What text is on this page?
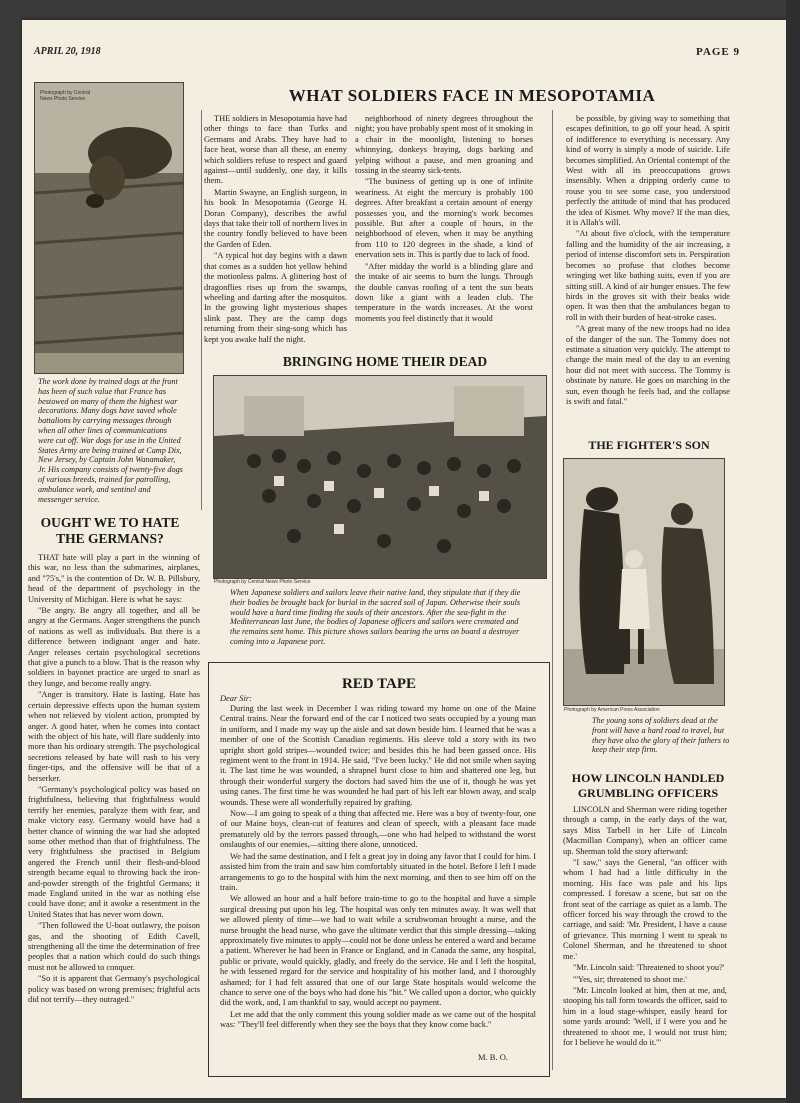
APRIL 20, 1918	PAGE 9
Photograph by Central News Photo Service
The work done by trained dogs at the front has been of such value that France has bestowed on many of them the highest war decorations. Many dogs have saved whole battalions by carrying messages through when all other lines of communications were cut off. War dogs for use in the United States Army are being trained at Camp Dix, New Jersey, by Captain John Wanamaker, Jr. His company consists of twenty-five dogs of various breeds, trained for patrolling, ambulance work, and sentinel and messenger service.
WHAT SOLDIERS FACE IN MESOPOTAMIA

THE soldiers in Mesopotamia have had other things to face than Turks and Germans and Arabs. They have had to face heat, worse than all these, an enemy which soldiers refuse to respect and guard against—until suddenly, one day, it kills them.

Martin Swayne, an English surgeon, in his book In Mesopotamia (George H. Doran Company), describes the awful days that take their toll of northern lives in the country fondly believed to have been the Garden of Eden.

"A typical hot day begins with a dawn that comes as a sudden hot yellow behind the motionless palms. A glittering host of dragonflies rises up from the swamps, wheeling and darting after the mosquitos. In the growing light mysterious shapes slink past. They are the camp dogs returning from their sing-song which has kept you awake half the night.

neighborhood of ninety degrees throughout the night; you have probably spent most of it smoking in a chair in the moonlight, listening to horses whinnying, donkeys braying, dogs barking and yelping without a pause, and men groaning and tossing in the steamy sick-tents.

"The business of getting up is one of infinite weariness. At eight the mercury is probably 100 degrees. After breakfast a certain amount of energy possesses you, and the morning's work becomes possible. But after a couple of hours, in the neighborhood of eleven, when it may be anything from 110 to 120 degrees in the shade, a kind of enervation sets in. This is partly due to lack of food.

"After midday the world is a blinding glare and the intake of air seems to burn the lungs. Through the double canvas roofing of a tent the sun beats down like a giant with a leaden club. The temperature in the wards increases. At the worst moments you feel distinctly that it would

be possible, by giving way to something that escapes definition, to go off your head. A spirit of indifference to everything is necessary. Any kind of worry is simply a mode of suicide. Life becomes simplified. An Oriental contempt of the West with all its preoccupations grows insensibly. When a dripping orderly came to rouse you to see some case, you understood perfectly the attitude of mind that has produced the idea of Kismet. Why move? If the man dies, it is Allah's will.

"At about five o'clock, with the temperature falling and the humidity of the air increasing, a period of intense discomfort sets in. Perspiration becomes so profuse that clothes become wringing wet like bathing suits, even if you are sitting still. A kind of air hunger ensues. The few birds in the groves sit with their beaks wide open. It was then that the ambulances began to roll in with their burden of heat-stroke cases.

"A great many of the new troops had no idea of the danger of the sun. The Tommy does not estimate a situation very quickly. The attempt to change the main meal of the day to an evening hour did not meet with success. The Tommy is obstinate by nature. He goes on marching in the sun, even though he feels bad, and the collapse is swift and fatal."

BRINGING HOME THEIR DEAD
Photograph by Central News Photo Service
When Japanese soldiers and sailors leave their native land, they stipulate that if they die their bodies be brought back for burial in the sacred soil of Japan. Otherwise their souls would have a hard time finding the souls of their ancestors. After the sea-fight in the Mediterranean last June, the bodies of Japanese officers and sailors were cremated and the remains sent home. This picture shows sailors bearing the urns on board a destroyer coming into a Japanese port.
OUGHT WE TO HATE THE GERMANS?

THAT hate will play a part in the winning of this war, no less than the submarines, airplanes, and "75's," is the contention of Dr. W. B. Pillsbury, head of the department of psychology in the University of Michigan. Here is what he says:

"Be angry. Be angry all together, and all be angry at the Germans. Anger strengthens the punch of nations as well as individuals. But there is a difference between indignant anger and hate. Anger releases certain psychological secretions that give a punch to a blow. That is the reason why soldiers in bayonet practice are urged to snarl as they lunge, and become really angry.

"Anger is transitory. Hate is lasting. Hate has certain depressive effects upon the human system when not relieved by violent action, prompted by anger. A good hater, when he comes into contact with the object of his hate, will flare suddenly into more than his ordinary strength. The psychological secretions released by hate will rush to his very finger-tips, and the offensive will be that of a berserker.

"Germany's psychological policy was based on frightfulness, believing that frightfulness would terrify her enemies, paralyze them with fear, and make victory easy. Germany would have had a better chance of winning the war had she adopted some other method than that of frightfulness. The very frightfulness she practised in Belgium angered the French until their flesh-and-blood strength became equal to throwing back the iron-and-powder strength of the frightful Germans; it made England united in the war as nothing else could have done; and it awoke a resentment in the United States that has never worn down.

"Then followed the U-boat outlawry, the poison gas, and the shooting of Edith Cavell, strengthening all the time the determination of free peoples that a nation which could do such things must not be allowed to conquer.

"So it is apparent that Germany's psychological policy was based on wrong premises; frightful acts did not terrify—they outraged."

RED TAPE
Dear Sir:

During the last week in December I was riding toward my home on one of the Maine Central trains. Near the forward end of the car I noticed two seats occupied by a young man in uniform, and I made my way up the aisle and sat down beside him. I learned that he was a member of one of the Scottish Canadian regiments. His sleeve told a story with its two upright short gold stripes—wounded twice; and besides this he had been gassed once. His regiment went to the front in 1914. He said, "I've been lucky." He did not smile when saying it. The last time he was wounded, a shrapnel burst close to him and shattered one leg, but through their wonderful surgery the doctors had saved him the use of it, though he was yet using canes. The first time he was wounded he had part of his left ear blown away, and scalp wounds. These were all wonderfully repaired by grafting.

Now—I am going to speak of a thing that affected me. Here was a boy of twenty-four, one of our Maine boys, clean-cut of features and clean of speech, with a pleasant face made prematurely old by the terrors passed through,—one who had helped to withstand the worst onslaughts of our enemies,—sitting there alone, unnoticed.

We had the same destination, and I felt a great joy in doing any favor that I could for him. I assisted him from the train and saw him comfortably situated in the hotel. Before I left I made arrangements to go to the hospital with him the next morning, and then to see him off on the train.

We allowed an hour and a half before train-time to go to the hospital and have a simple surgical dressing put upon his leg. The hospital was only ten minutes away. It was well that we allowed plenty of time—we had to wait while a scrubwoman brought a nurse, and the nurse brought the head nurse, who gave the ultimate verdict that this simple dressing—taking approximately five minutes to apply—could not be done unless he entered a ward and became a patient. Wherever he had been in France or England, and in Canada the same, any hospital, public or private, would quickly, gladly, and freely do the service. He and I left the hospital, he with lessened regard for the service and hospitality of his mother land, and I thoroughly ashamed; for I had felt assured that one of our large State hospitals would welcome the chance to serve one of the boys who had done his "bit." We called upon a doctor, who quickly did the work, and, I am thankful to say, would accept no payment.

Let me add that the only comment this young soldier made as we came out of the hospital was: "They'll feel differently when they see the boys that they know come back."

M. B. O.
THE FIGHTER'S SON
Photograph by American Press Association
The young sons of soldiers dead at the front will have a hard road to travel, but they have also the glory of their fathers to keep their step firm.
HOW LINCOLN HANDLED GRUMBLING OFFICERS

LINCOLN and Sherman were riding together through a camp, in the early days of the war, says Miss Tarbell in her Life of Lincoln (Macmillan Company), when an officer came up. Sherman told the story afterward:

"I saw," says the General, "an officer with whom I had had a little difficulty in the morning. His face was pale and his lips compressed. I foresaw a scene, but sat on the front seat of the carriage as quiet as a lamb. The officer forced his way through the crowd to the carriage, and said: 'Mr. President, I have a cause of grievance. This morning I went to speak to Colonel Sherman, and he threatened to shoot me.'

"Mr. Lincoln said: 'Threatened to shoot you?'

"'Yes, sir; threatened to shoot me.'

"Mr. Lincoln looked at him, then at me, and, stooping his tall form towards the officer, said to him in a loud stage-whisper, easily heard for some yards around: 'Well, if I were you and he threatened to shoot me, I would not trust him; for I believe he would do it.'"
